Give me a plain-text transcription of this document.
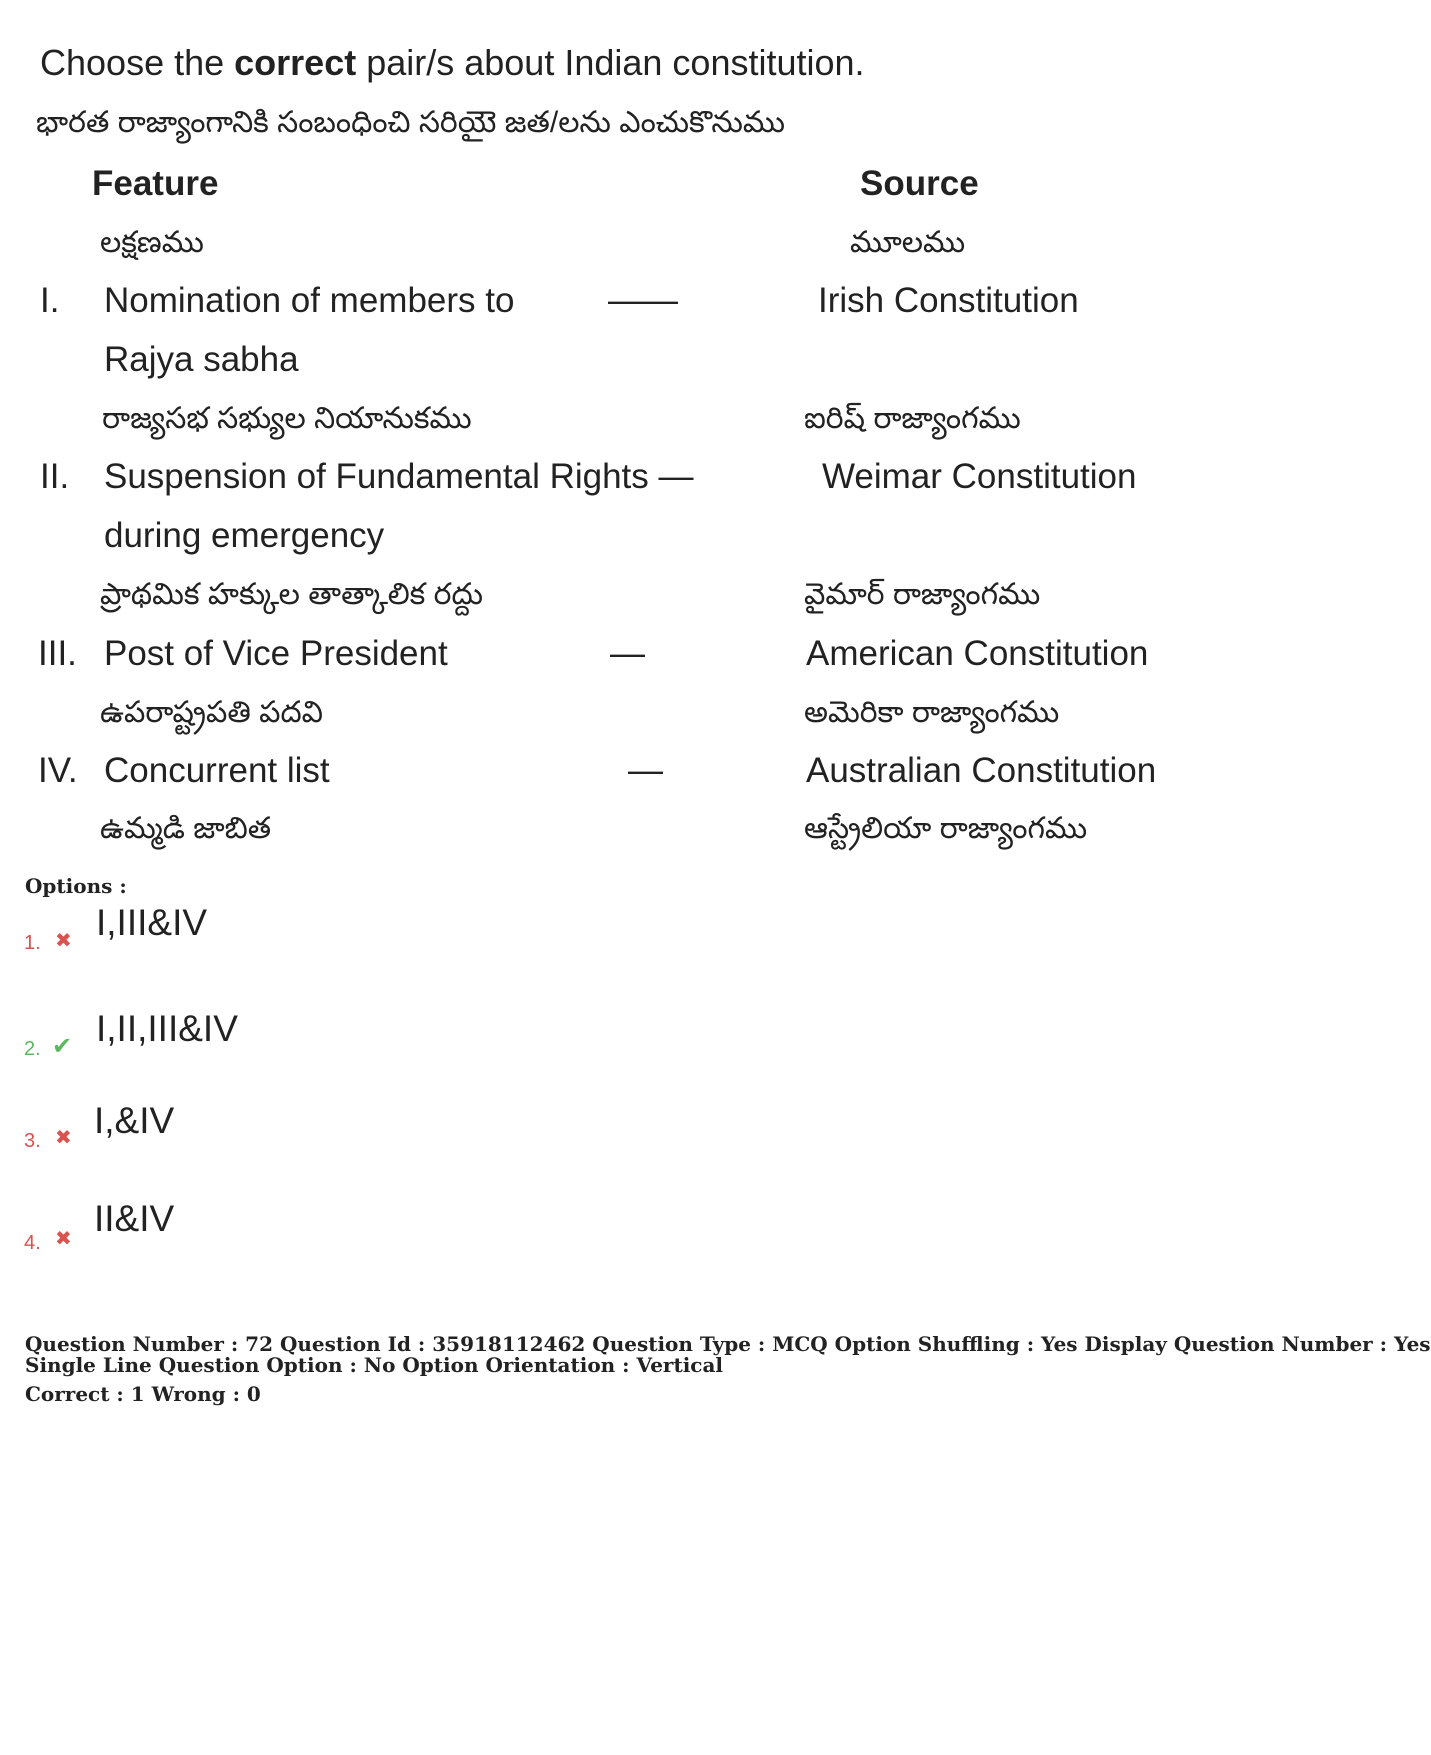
Choose the correct pair/s about Indian constitution.
భారత రాజ్యాంగానికి సంబంధించి సరియైె జత/లను ఎంచుకొనుము
Feature	Source
లక్షణము	మూలము
I. Nomination of members to	——	Irish Constitution
Rajya sabha
రాజ్యసభ సభ్యుల నియానుకము	ఐరిష్ రాజ్యాంగము
II. Suspension of Fundamental Rights —	Weimar Constitution
during emergency
ప్రాథమిక హక్కుల తాత్కాలిక రద్దు	వైమార్ రాజ్యాంగము
III. Post of Vice President	—	American Constitution
ఉపరాష్ట్రపతి పదవి	అమెరికా రాజ్యాంగము
IV. Concurrent list	—	Australian Constitution
ఉమ్మడి జాబిత	ఆస్ట్రేలియా రాజ్యాంగము
Options :
1. ✖ I,III&IV
2. ✔ I,II,III&IV
3. ✖ I,&IV
4. ✖ II&IV
Question Number : 72 Question Id : 35918112462 Question Type : MCQ Option Shuffling : Yes Display Question Number : Yes
Single Line Question Option : No Option Orientation : Vertical
Correct : 1 Wrong : 0
